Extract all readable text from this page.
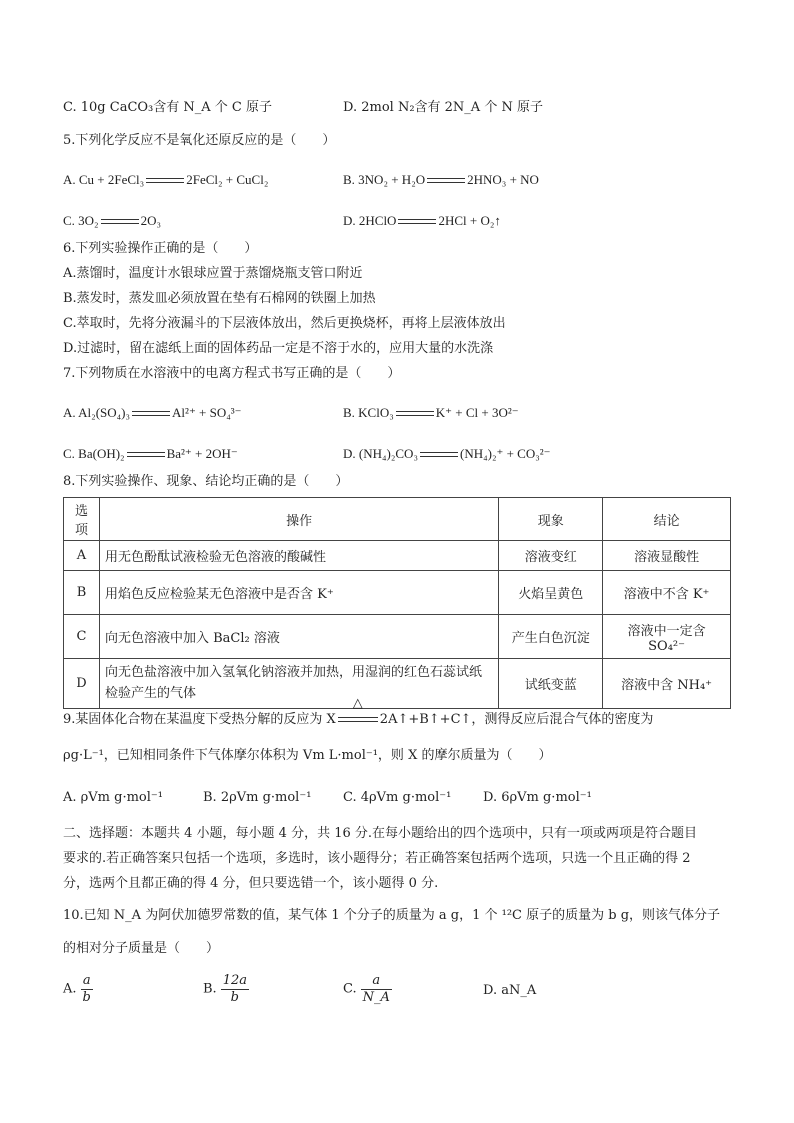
C. 10g CaCO₃含有 N_A 个 C 原子	D. 2mol N₂含有 2N_A 个 N 原子
5.下列化学反应不是氧化还原反应的是（　　）
A. Cu + 2FeCl₃	2FeCl₂ + CuCl₂	B. 3NO₂ + H₂O	2HNO₃ + NO
C. 3O₂	2O₃	D. 2HClO	2HCl + O₂↑
6.下列实验操作正确的是（　　）
A.蒸馏时，温度计水银球应置于蒸馏烧瓶支管口附近
B.蒸发时，蒸发皿必须放置在垫有石棉网的铁圈上加热
C.萃取时，先将分液漏斗的下层液体放出，然后更换烧杯，再将上层液体放出
D.过滤时，留在滤纸上面的固体药品一定是不溶于水的，应用大量的水洗涤
7.下列物质在水溶液中的电离方程式书写正确的是（　　）
A. Al₂(SO₄)₃	Al²⁺ + SO₄³⁻	B. KClO₃	K⁺ + Cl + 3O²⁻
C. Ba(OH)₂	Ba²⁺ + 2OH⁻	D. (NH₄)₂CO₃	(NH₄)₂⁺ + CO₃²⁻
8.下列实验操作、现象、结论均正确的是（　　）
选项	操作	现象	结论
A	用无色酚酞试液检验无色溶液的酸碱性	溶液变红	溶液显酸性
B	用焰色反应检验某无色溶液中是否含 K⁺	火焰呈黄色	溶液中不含 K⁺
C	向无色溶液中加入 BaCl₂ 溶液	产生白色沉淀	溶液中一定含 SO₄²⁻
D	向无色盐溶液中加入氢氧化钠溶液并加热，用湿润的红色石蕊试纸检验产生的气体	试纸变蓝	溶液中含 NH₄⁺
9.某固体化合物在某温度下受热分解的反应为 X
△
2A↑+B↑+C↑，测得反应后混合气体的密度为
ρg·L⁻¹，已知相同条件下气体摩尔体积为 Vm L·mol⁻¹，则 X 的摩尔质量为（　　）
A. ρVm g·mol⁻¹	B. 2ρVm g·mol⁻¹ C. 4ρVm g·mol⁻¹ D. 6ρVm g·mol⁻¹
二、选择题：本题共 4 小题，每小题 4 分，共 16 分.在每小题给出的四个选项中，只有一项或两项是符合题目
要求的.若正确答案只包括一个选项，多选时，该小题得分；若正确答案包括两个选项，只选一个且正确的得 2
分，选两个且都正确的得 4 分，但只要选错一个，该小题得 0 分.
10.已知 N_A 为阿伏加德罗常数的值，某气体 1 个分子的质量为 a g，1 个 ¹²C 原子的质量为 b g，则该气体分子
的相对分子质量是（　　）
A. $\frac{a}{b}$	B. $\frac{12a}{b}$	C. $\frac{a}{N\_A}$	D. aN_A
